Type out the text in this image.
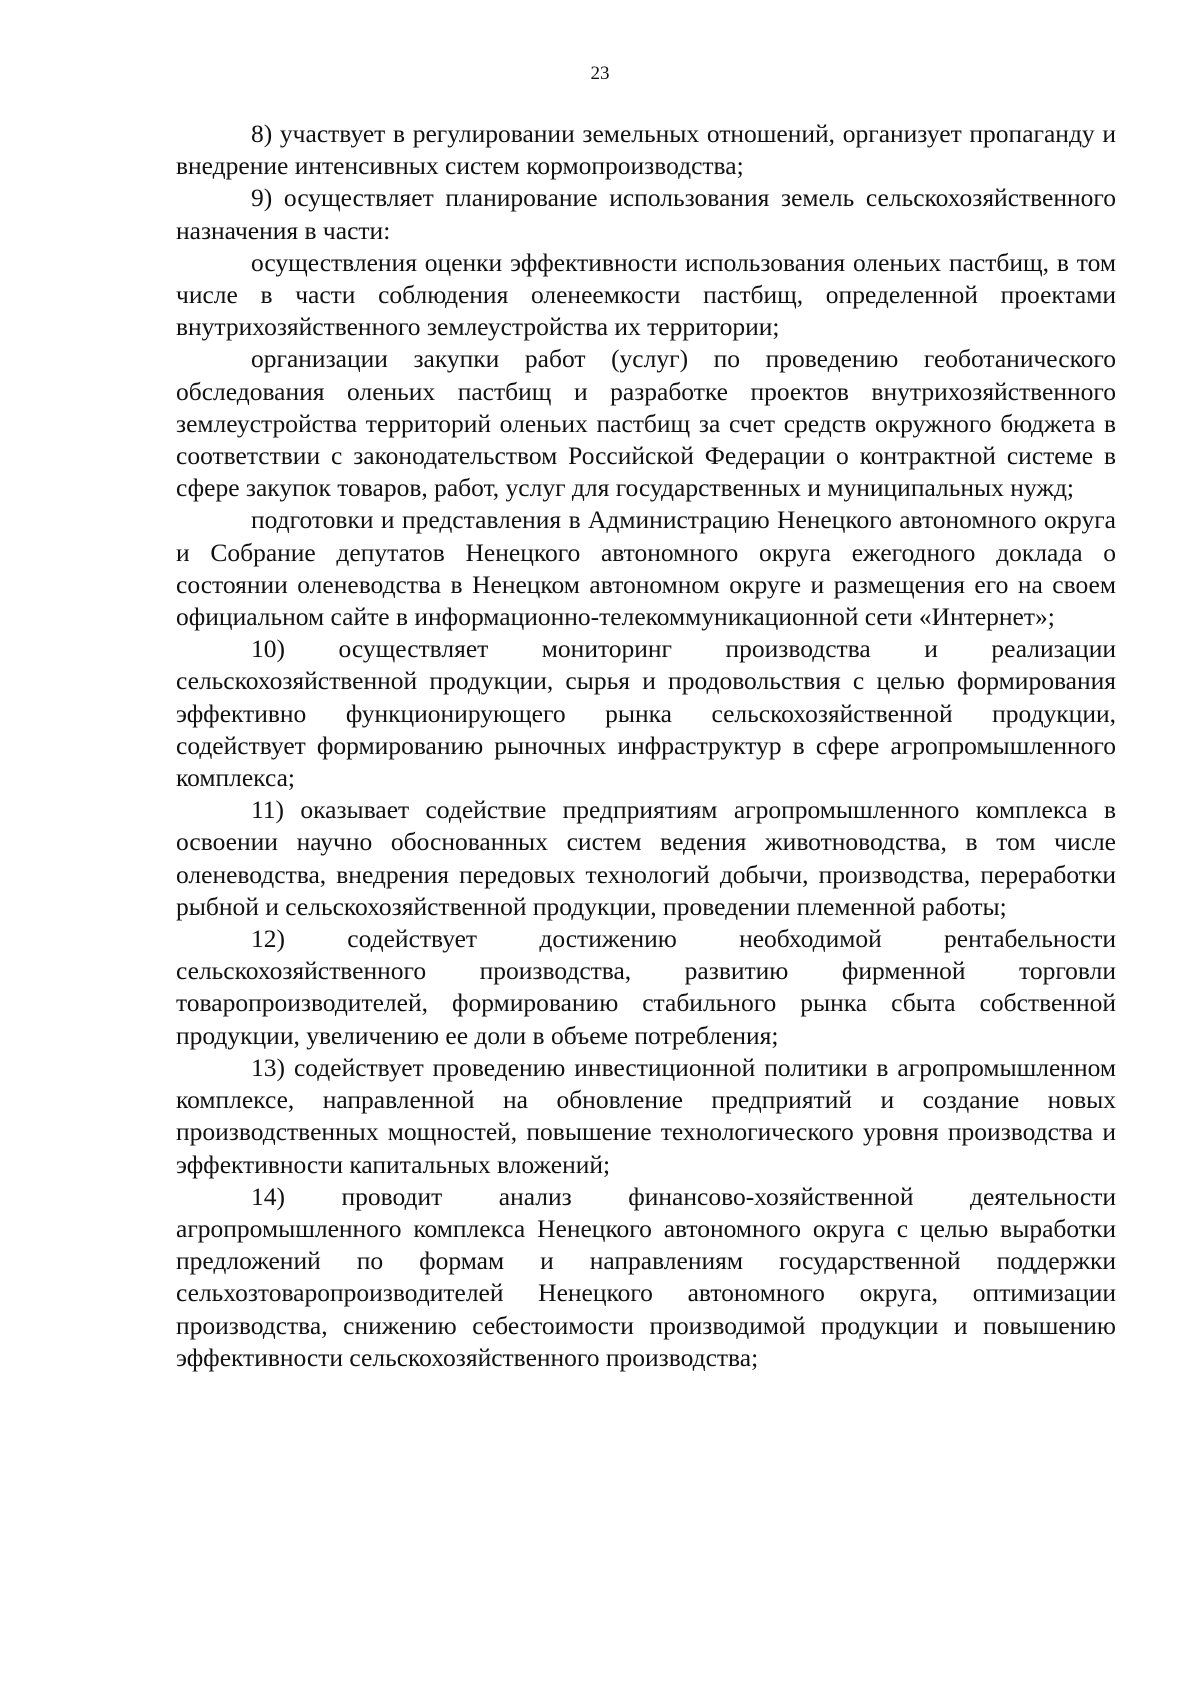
23

8) участвует в регулировании земельных отношений, организует пропаганду и внедрение интенсивных систем кормопроизводства;

9) осуществляет планирование использования земель сельскохозяйственного назначения в части:

осуществления оценки эффективности использования оленьих пастбищ, в том числе в части соблюдения оленеемкости пастбищ, определенной проектами внутрихозяйственного землеустройства их территории;

организации закупки работ (услуг) по проведению геоботанического обследования оленьих пастбищ и разработке проектов внутрихозяйственного землеустройства территорий оленьих пастбищ за счет средств окружного бюджета в соответствии с законодательством Российской Федерации о контрактной системе в сфере закупок товаров, работ, услуг для государственных и муниципальных нужд;

подготовки и представления в Администрацию Ненецкого автономного округа и Собрание депутатов Ненецкого автономного округа ежегодного доклада о состоянии оленеводства в Ненецком автономном округе и размещения его на своем официальном сайте в информационно-телекоммуникационной сети «Интернет»;

10) осуществляет мониторинг производства и реализации сельскохозяйственной продукции, сырья и продовольствия с целью формирования эффективно функционирующего рынка сельскохозяйственной продукции, содействует формированию рыночных инфраструктур в сфере агропромышленного комплекса;

11) оказывает содействие предприятиям агропромышленного комплекса в освоении научно обоснованных систем ведения животноводства, в том числе оленеводства, внедрения передовых технологий добычи, производства, переработки рыбной и сельскохозяйственной продукции, проведении племенной работы;

12) содействует достижению необходимой рентабельности сельскохозяйственного производства, развитию фирменной торговли товаропроизводителей, формированию стабильного рынка сбыта собственной продукции, увеличению ее доли в объеме потребления;

13) содействует проведению инвестиционной политики в агропромышленном комплексе, направленной на обновление предприятий и создание новых производственных мощностей, повышение технологического уровня производства и эффективности капитальных вложений;

14) проводит анализ финансово-хозяйственной деятельности агропромышленного комплекса Ненецкого автономного округа с целью выработки предложений по формам и направлениям государственной поддержки сельхозтоваропроизводителей Ненецкого автономного округа, оптимизации производства, снижению себестоимости производимой продукции и повышению эффективности сельскохозяйственного производства;
